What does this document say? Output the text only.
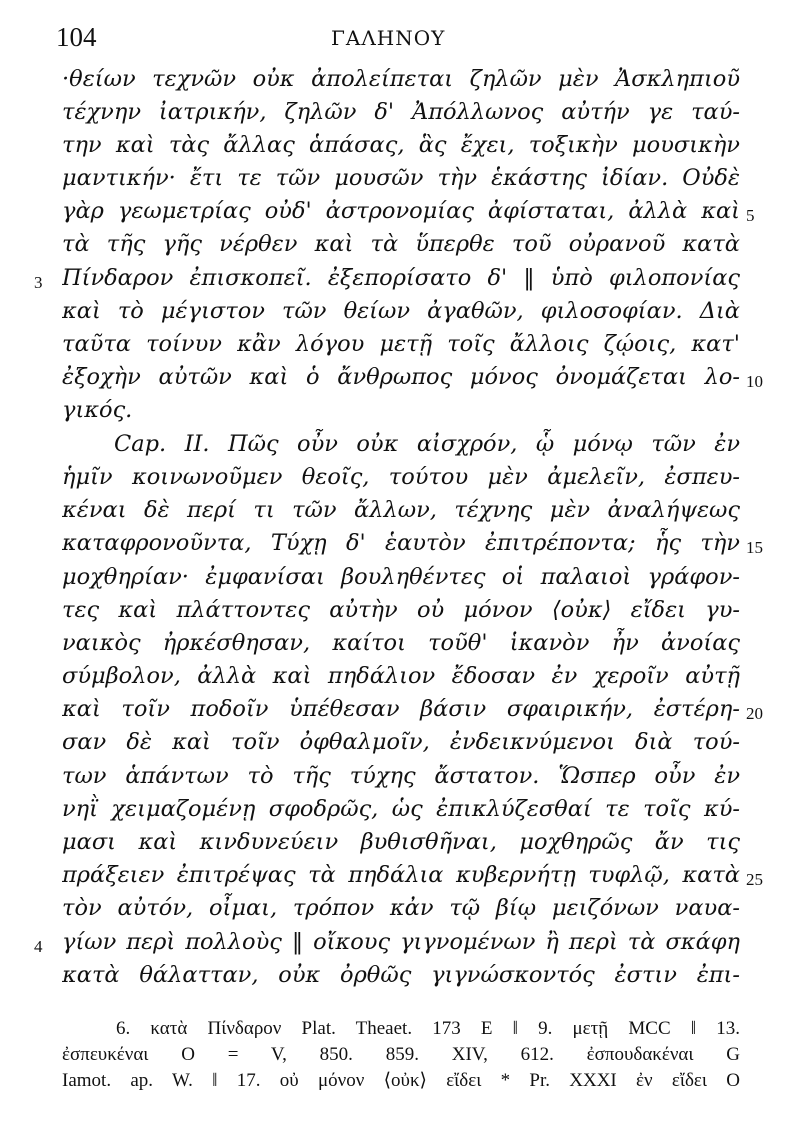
104	ΓΑΛΗΝΟΥ
·θείων τεχνῶν οὐκ ἀπολείπεται ζηλῶν μὲν Ἀσκληπιοῦ
τέχνην ἰατρικήν, ζηλῶν δ' Ἀπόλλωνος αὐτήν γε ταύ-
την καὶ τὰς ἄλλας ἁπάσας, ἃς ἔχει, τοξικὴν μουσικὴν
μαντικήν· ἔτι τε τῶν μουσῶν τὴν ἑκάστης ἰδίαν. Οὐδὲ
γὰρ γεωμετρίας οὐδ' ἀστρονομίας ἀφίσταται, ἀλλὰ καὶ
τὰ τῆς γῆς νέρθεν καὶ τὰ ὕπερθε τοῦ οὐρανοῦ κατὰ
Πίνδαρον ἐπισκοπεῖ. ἐξεπορίσατο δ' ‖ ὑπὸ φιλοπονίας
καὶ τὸ μέγιστον τῶν θείων ἀγαθῶν, φιλοσοφίαν. Διὰ
ταῦτα τοίνυν κἂν λόγου μετῇ τοῖς ἄλλοις ζῴοις, κατ'
ἐξοχὴν αὐτῶν καὶ ὁ ἄνθρωπος μόνος ὀνομάζεται λο-
γικός.
Cap. II. Πῶς οὖν οὐκ αἰσχρόν, ᾧ μόνῳ τῶν ἐν
ἡμῖν κοινωνοῦμεν θεοῖς, τούτου μὲν ἀμελεῖν, ἐσπευ-
κέναι δὲ περί τι τῶν ἄλλων, τέχνης μὲν ἀναλήψεως
καταφρονοῦντα, Τύχῃ δ' ἑαυτὸν ἐπιτρέποντα; ἧς τὴν
μοχθηρίαν· ἐμφανίσαι βουληθέντες οἱ παλαιοὶ γράφον-
τες καὶ πλάττοντες αὐτὴν οὐ μόνον ⟨οὐκ⟩ εἴδει γυ-
ναικὸς ἠρκέσθησαν, καίτοι τοῦθ' ἱκανὸν ἦν ἀνοίας
σύμβολον, ἀλλὰ καὶ πηδάλιον ἔδοσαν ἐν χεροῖν αὐτῇ
καὶ τοῖν ποδοῖν ὑπέθεσαν βάσιν σφαιρικήν, ἐστέρη-
σαν δὲ καὶ τοῖν ὀφθαλμοῖν, ἐνδεικνύμενοι διὰ τού-
των ἁπάντων τὸ τῆς τύχης ἄστατον. Ὥσπερ οὖν ἐν
νηῒ χειμαζομένῃ σφοδρῶς, ὡς ἐπικλύζεσθαί τε τοῖς κύ-
μασι καὶ κινδυνεύειν βυθισθῆναι, μοχθηρῶς ἄν τις
πράξειεν ἐπιτρέψας τὰ πηδάλια κυβερνήτῃ τυφλῷ, κατὰ
τὸν αὐτόν, οἶμαι, τρόπον κἀν τῷ βίῳ μειζόνων ναυα-
γίων περὶ πολλοὺς ‖ οἴκους γιγνομένων ἢ περὶ τὰ σκάφη
κατὰ θάλατταν, οὐκ ὀρθῶς γιγνώσκοντός ἐστιν ἐπι-
5
10
15
20
25
3
4
6. κατὰ Πίνδαρον Plat. Theaet. 173 E ‖ 9. μετῇ MCC ‖ 13.
ἐσπευκέναι O = V, 850. 859. XIV, 612. ἐσπουδακέναι G
Iamot. ap. W. ‖ 17. οὐ μόνον ⟨οὐκ⟩ εἴδει * Pr. XXXI ἐν εἴδει O
